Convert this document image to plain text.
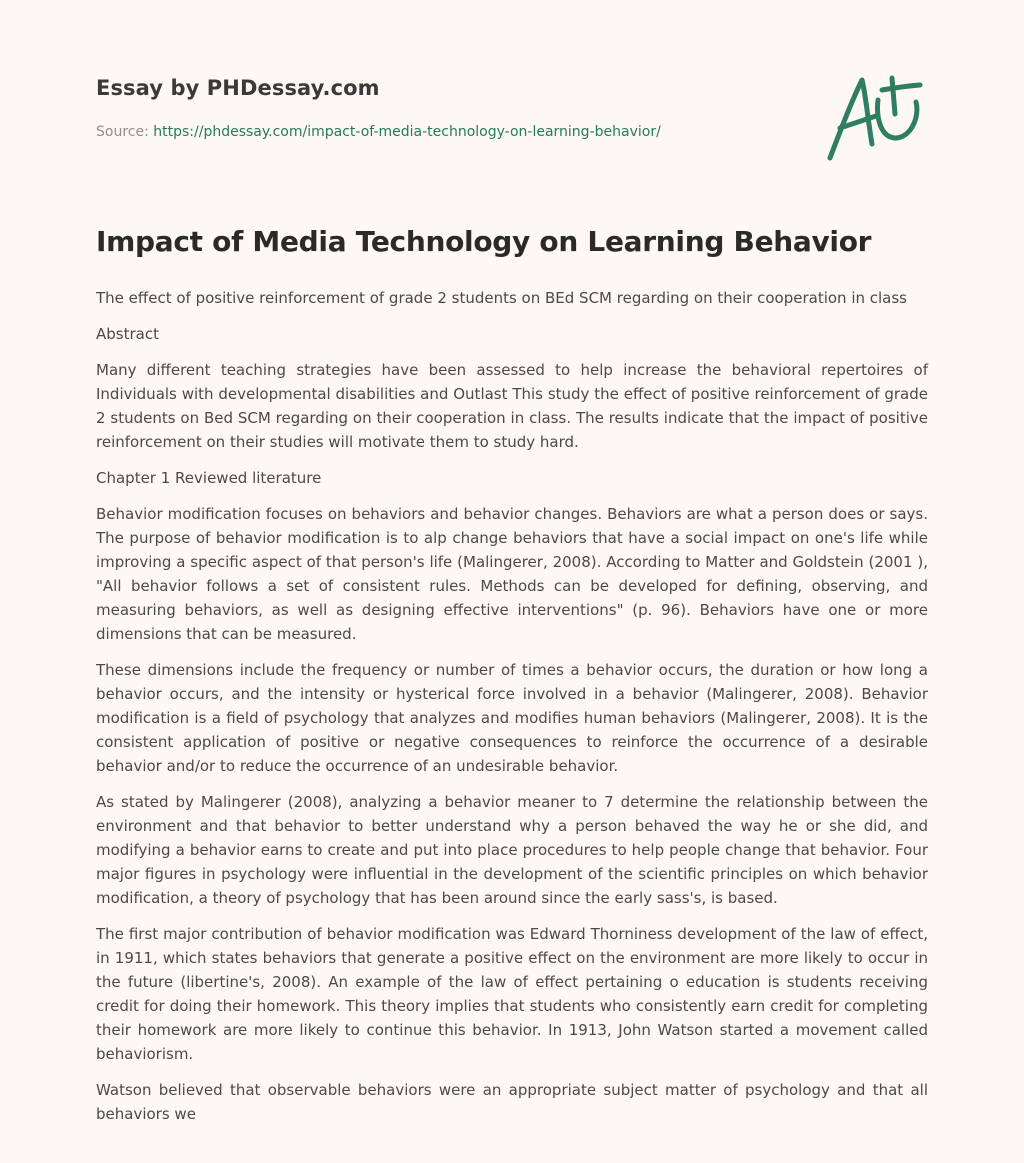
Essay by PHDessay.com

Source: https://phdessay.com/impact-of-media-technology-on-learning-behavior/
Impact of Media Technology on Learning Behavior

The effect of positive reinforcement of grade 2 students on BEd SCM regarding on their cooperation in class

Abstract

Many different teaching strategies have been assessed to help increase the behavioral repertoires of Individuals with developmental disabilities and Outlast This study the effect of positive reinforcement of grade 2 students on Bed SCM regarding on their cooperation in class. The results indicate that the impact of positive reinforcement on their studies will motivate them to study hard.

Chapter 1 Reviewed literature

Behavior modification focuses on behaviors and behavior changes. Behaviors are what a person does or says. The purpose of behavior modification is to alp change behaviors that have a social impact on one's life while improving a specific aspect of that person's life (Malingerer, 2008). According to Matter and Goldstein (2001 ), "All behavior follows a set of consistent rules. Methods can be developed for defining, observing, and measuring behaviors, as well as designing effective interventions" (p. 96). Behaviors have one or more dimensions that can be measured.

These dimensions include the frequency or number of times a behavior occurs, the duration or how long a behavior occurs, and the intensity or hysterical force involved in a behavior (Malingerer, 2008). Behavior modification is a field of psychology that analyzes and modifies human behaviors (Malingerer, 2008). It is the consistent application of positive or negative consequences to reinforce the occurrence of a desirable behavior and/or to reduce the occurrence of an undesirable behavior.

As stated by Malingerer (2008), analyzing a behavior meaner to 7 determine the relationship between the environment and that behavior to better understand why a person behaved the way he or she did, and modifying a behavior earns to create and put into place procedures to help people change that behavior. Four major figures in psychology were influential in the development of the scientific principles on which behavior modification, a theory of psychology that has been around since the early sass's, is based.

The first major contribution of behavior modification was Edward Thorniness development of the law of effect, in 1911, which states behaviors that generate a positive effect on the environment are more likely to occur in the future (libertine's, 2008). An example of the law of effect pertaining o education is students receiving credit for doing their homework. This theory implies that students who consistently earn credit for completing their homework are more likely to continue this behavior. In 1913, John Watson started a movement called behaviorism.

Watson believed that observable behaviors were an appropriate subject matter of psychology and that all behaviors we
